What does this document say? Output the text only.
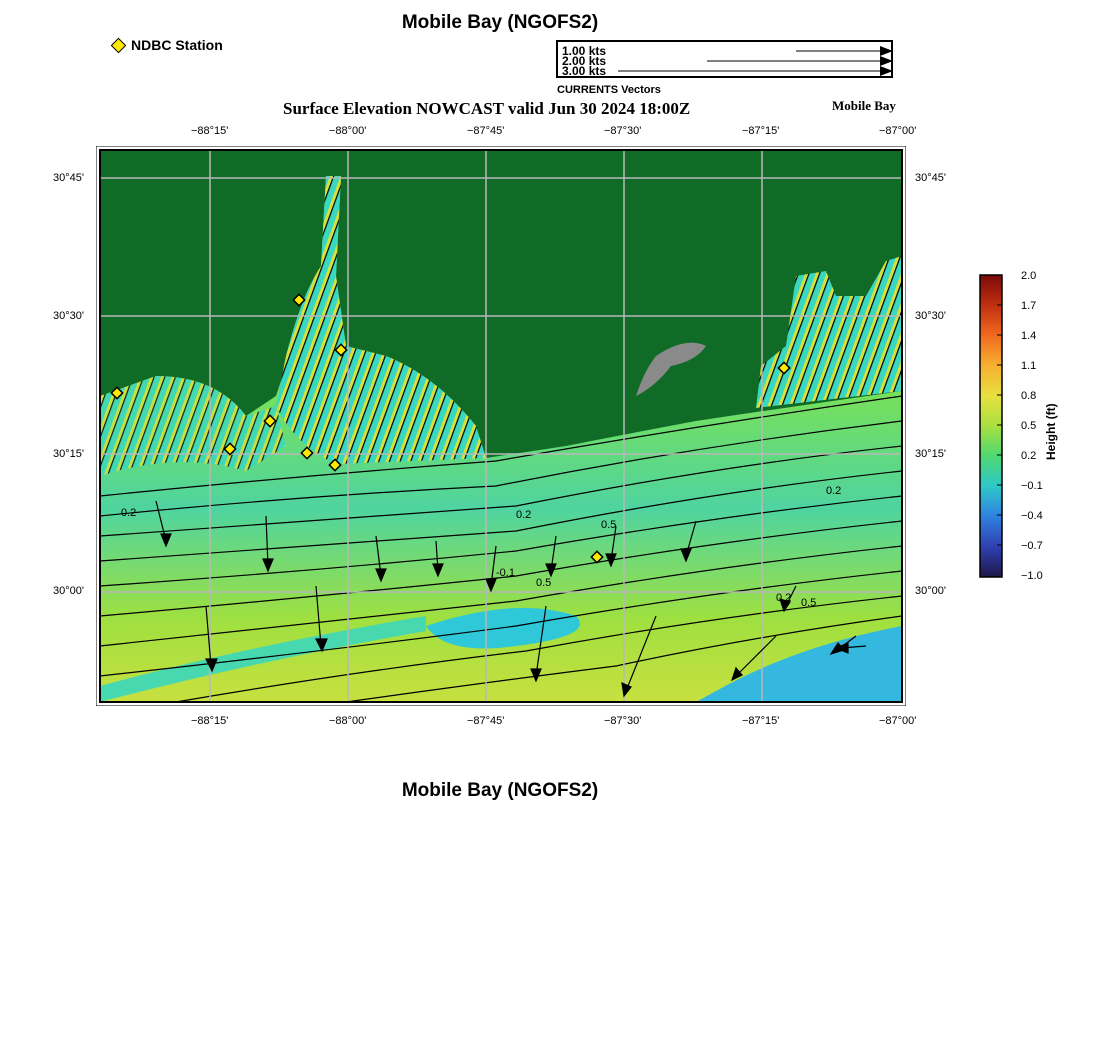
Mobile Bay (NGOFS2)
NDBC Station	1.00 kts
2.00 kts
3.00 kts
CURRENTS Vectors
Surface Elevation NOWCAST valid Jun 30 2024 18:00Z	Mobile Bay
−88°15'	−88°00'	−87°45'	−87°30'	−87°15'	−87°00'
−88°15'	−88°00'	−87°45'	−87°30'	−87°15'	−87°00'
30°45'
30°30'
30°15'
30°00'
30°45'
30°30'
30°15'
30°00'
0.2	0.2
0.2
0.2
0.5
0.5
0.5
-0.1
2.0
1.7
1.4
1.1
0.8
0.5
0.2
−0.1
−0.4
−0.7
−1.0
Height (ft)
Mobile Bay (NGOFS2)
